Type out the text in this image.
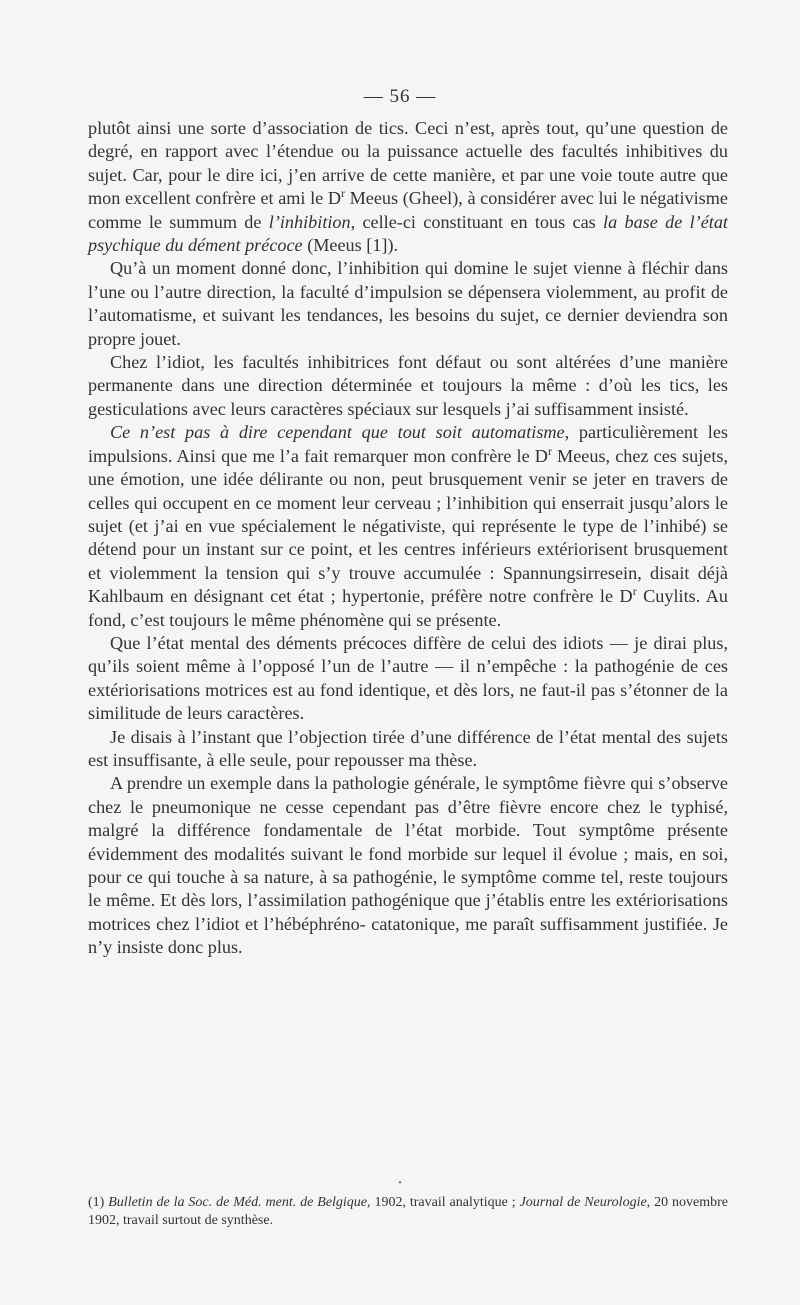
— 56 —

plutôt ainsi une sorte d’association de tics. Ceci n’est, après tout, qu’une question de degré, en rapport avec l’étendue ou la puissance actuelle des facultés inhibitives du sujet. Car, pour le dire ici, j’en arrive de cette manière, et par une voie toute autre que mon excellent confrère et ami le $D^r$ Meeus (Gheel), à considérer avec lui le négativisme comme le summum de l’inhibition, celle-ci constituant en tous cas la base de l’état psychique du dément précoce (Meeus [1]).

Qu’à un moment donné donc, l’inhibition qui domine le sujet vienne à fléchir dans l’une ou l’autre direction, la faculté d’impulsion se dépensera violemment, au profit de l’automatisme, et suivant les tendances, les besoins du sujet, ce dernier deviendra son propre jouet.

Chez l’idiot, les facultés inhibitrices font défaut ou sont altérées d’une manière permanente dans une direction déterminée et toujours la même : d’où les tics, les gesticulations avec leurs caractères spéciaux sur lesquels j’ai suffisamment insisté.

Ce n’est pas à dire cependant que tout soit automatisme, particulièrement les impulsions. Ainsi que me l’a fait remarquer mon confrère le $D^r$ Meeus, chez ces sujets, une émotion, une idée délirante ou non, peut brusquement venir se jeter en travers de celles qui occupent en ce moment leur cerveau ; l’inhibition qui enserrait jusqu’alors le sujet (et j’ai en vue spécialement le négativiste, qui représente le type de l’inhibé) se détend pour un instant sur ce point, et les centres inférieurs extériorisent brusquement et violemment la tension qui s’y trouve accumulée : Spannungsirresein, disait déjà Kahlbaum en désignant cet état ; hypertonie, préfère notre confrère le $D^r$ Cuylits. Au fond, c’est toujours le même phénomène qui se présente.

Que l’état mental des déments précoces diffère de celui des idiots — je dirai plus, qu’ils soient même à l’opposé l’un de l’autre — il n’empêche : la pathogénie de ces extériorisations motrices est au fond identique, et dès lors, ne faut-il pas s’étonner de la similitude de leurs caractères.

Je disais à l’instant que l’objection tirée d’une différence de l’état mental des sujets est insuffisante, à elle seule, pour repousser ma thèse.

A prendre un exemple dans la pathologie générale, le symptôme fièvre qui s’observe chez le pneumonique ne cesse cependant pas d’être fièvre encore chez le typhisé, malgré la différence fondamentale de l’état morbide. Tout symptôme présente évidemment des modalités suivant le fond morbide sur lequel il évolue ; mais, en soi, pour ce qui touche à sa nature, à sa pathogénie, le symptôme comme tel, reste toujours le même. Et dès lors, l’assimilation pathogénique que j’établis entre les extériorisations motrices chez l’idiot et l’hébéphréno- catatonique, me paraît suffisamment justifiée. Je n’y insiste donc plus.

•
(1) Bulletin de la Soc. de Méd. ment. de Belgique, 1902, travail analytique ; Journal de Neurologie, 20 novembre 1902, travail surtout de synthèse.
